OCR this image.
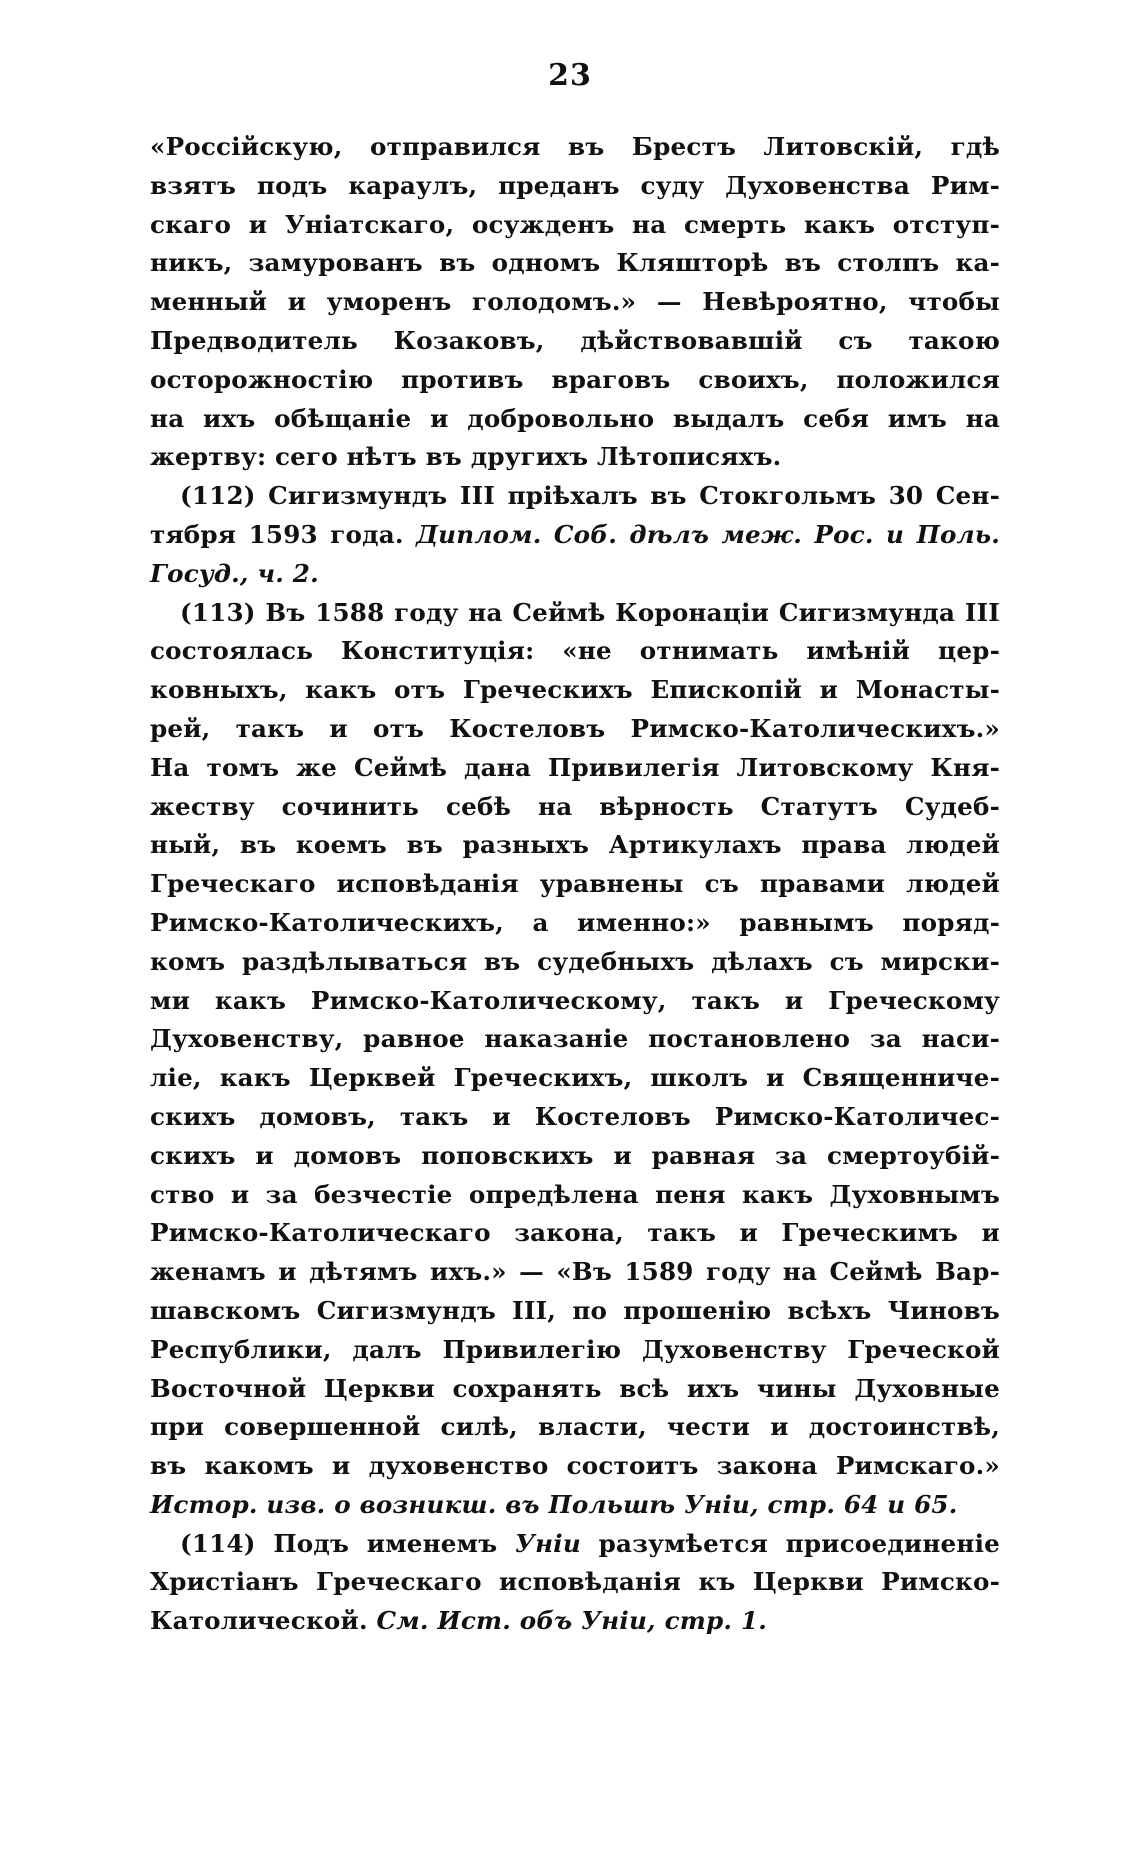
23
«Россійскую, отправился въ Брестъ Литовскій, гдѣ
взятъ подъ караулъ, преданъ суду Духовенства Рим-
скаго и Уніатскаго, осужденъ на смерть какъ отступ-
никъ, замурованъ въ одномъ Кляшторѣ въ столпъ ка-
менный и уморенъ голодомъ.» — Невѣроятно, чтобы
Предводитель Козаковъ, дѣйствовавшій съ такою
осторожностію противъ враговъ своихъ, положился
на ихъ обѣщаніе и добровольно выдалъ себя имъ на
жертву: сего нѣтъ въ другихъ Лѣтописяхъ.
(112) Сигизмундъ III пріѣхалъ въ Стокгольмъ 30 Сен-
тября 1593 года. Диплом. Соб. дѣлъ меж. Рос. и Поль.
Госуд., ч. 2.
(113) Въ 1588 году на Сеймѣ Коронаціи Сигизмунда III
состоялась Конституція: «не отнимать имѣній цер-
ковныхъ, какъ отъ Греческихъ Епископій и Монасты-
рей, такъ и отъ Костеловъ Римско-Католическихъ.»
На томъ же Сеймѣ дана Привилегія Литовскому Кня-
жеству сочинить себѣ на вѣрность Статутъ Судеб-
ный, въ коемъ въ разныхъ Артикулахъ права людей
Греческаго исповѣданія уравнены съ правами людей
Римско-Католическихъ, а именно:» равнымъ поряд-
комъ раздѣлываться въ судебныхъ дѣлахъ съ мирски-
ми какъ Римско-Католическому, такъ и Греческому
Духовенству, равное наказаніе постановлено за наси-
ліе, какъ Церквей Греческихъ, школъ и Священниче-
скихъ домовъ, такъ и Костеловъ Римско-Католичес-
скихъ и домовъ поповскихъ и равная за смертоубій-
ство и за безчестіе опредѣлена пеня какъ Духовнымъ
Римско-Католическаго закона, такъ и Греческимъ и
женамъ и дѣтямъ ихъ.» — «Въ 1589 году на Сеймѣ Вар-
шавскомъ Сигизмундъ III, по прошенію всѣхъ Чиновъ
Республики, далъ Привилегію Духовенству Греческой
Восточной Церкви сохранять всѣ ихъ чины Духовные
при совершенной силѣ, власти, чести и достоинствѣ,
въ какомъ и духовенство состоитъ закона Римскаго.»
Истор. изв. о возникш. въ Польшѣ Уніи, стр. 64 и 65.
(114) Подъ именемъ Уніи разумѣется присоединеніе
Христіанъ Греческаго исповѣданія къ Церкви Римско-
Католической. См. Ист. объ Уніи, стр. 1.
